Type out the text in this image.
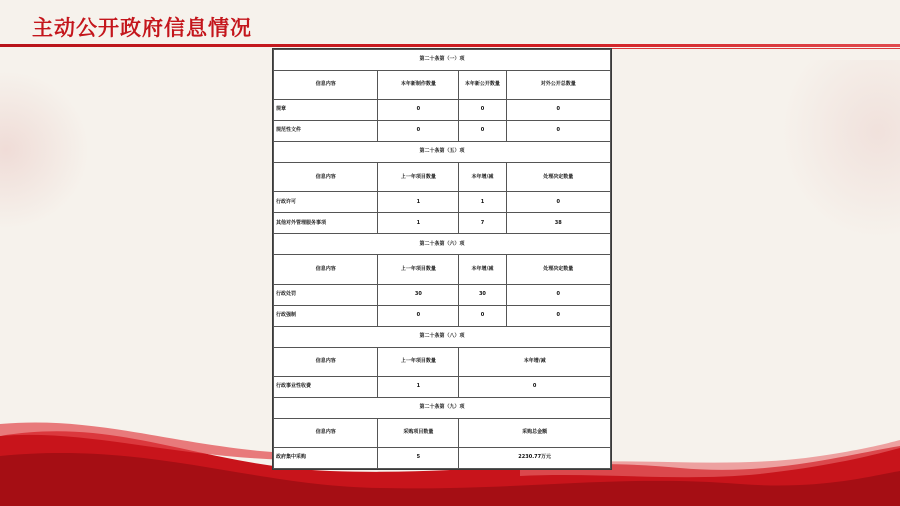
主动公开政府信息情况
第二十条第（一）项			
信息内容	本年新制作数量	本年新公开数量	对外公开总数量
规章	0	0	0
规范性文件	0	0	0
第二十条第（五）项			
信息内容	上一年项目数量	本年增/减	处理决定数量
行政许可	1	1	0
其他对外管理服务事项	1	7	38
第二十条第（六）项			
信息内容	上一年项目数量	本年增/减	处理决定数量
行政处罚	30	30	0
行政强制	0	0	0
第二十条第（八）项			
信息内容	上一年项目数量	本年增/减	
行政事业性收费	1	0	
第二十条第（九）项			
信息内容	采购项目数量	采购总金额	
政府集中采购	5	2230.77万元	
